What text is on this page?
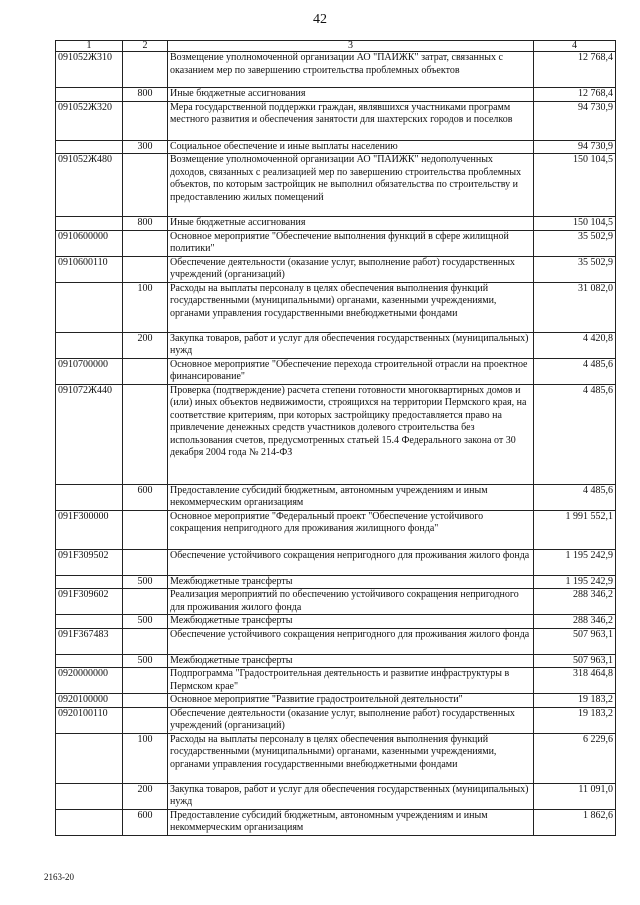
42
1	2	3	4
091052Ж310		Возмещение уполномоченной организации АО "ПАИЖК" затрат, связанных с оказанием мер по завершению строительства проблемных объектов	12 768,4
	800	Иные бюджетные ассигнования	12 768,4
091052Ж320		Мера государственной поддержки граждан, являвшихся участниками программ местного развития и обеспечения занятости для шахтерских городов и поселков	94 730,9
	300	Социальное обеспечение и иные выплаты населению	94 730,9
091052Ж480		Возмещение уполномоченной организации АО "ПАИЖК" недополученных доходов, связанных с реализацией мер по завершению строительства проблемных объектов, по которым застройщик не выполнил обязательства по строительству и предоставлению жилых помещений	150 104,5
	800	Иные бюджетные ассигнования	150 104,5
0910600000		Основное мероприятие "Обеспечение выполнения функций в сфере жилищной политики"	35 502,9
0910600110		Обеспечение деятельности (оказание услуг, выполнение работ) государственных учреждений (организаций)	35 502,9
	100	Расходы на выплаты персоналу в целях обеспечения выполнения функций государственными (муниципальными) органами, казенными учреждениями, органами управления государственными внебюджетными фондами	31 082,0
	200	Закупка товаров, работ и услуг для обеспечения государственных (муниципальных) нужд	4 420,8
0910700000		Основное мероприятие "Обеспечение перехода строительной отрасли на проектное финансирование"	4 485,6
091072Ж440		Проверка (подтверждение) расчета степени готовности многоквартирных домов и (или) иных объектов недвижимости, строящихся на территории Пермского края, на соответствие критериям, при которых застройщику предоставляется право на привлечение денежных средств участников долевого строительства без использования счетов, предусмотренных статьей 15.4 Федерального закона от 30 декабря 2004 года № 214-ФЗ	4 485,6
	600	Предоставление субсидий бюджетным, автономным учреждениям и иным некоммерческим организациям	4 485,6
091F300000		Основное мероприятие "Федеральный проект "Обеспечение устойчивого сокращения непригодного для проживания жилищного фонда"	1 991 552,1
091F309502		Обеспечение устойчивого сокращения непригодного для проживания жилого фонда	1 195 242,9
	500	Межбюджетные трансферты	1 195 242,9
091F309602		Реализация мероприятий по обеспечению устойчивого сокращения непригодного для проживания жилого фонда	288 346,2
	500	Межбюджетные трансферты	288 346,2
091F367483		Обеспечение устойчивого сокращения непригодного для проживания жилого фонда	507 963,1
	500	Межбюджетные трансферты	507 963,1
0920000000		Подпрограмма "Градостроительная деятельность и развитие инфраструктуры в Пермском крае"	318 464,8
0920100000		Основное мероприятие "Развитие градостроительной деятельности"	19 183,2
0920100110		Обеспечение деятельности (оказание услуг, выполнение работ) государственных учреждений (организаций)	19 183,2
	100	Расходы на выплаты персоналу в целях обеспечения выполнения функций государственными (муниципальными) органами, казенными учреждениями, органами управления государственными внебюджетными фондами	6 229,6
	200	Закупка товаров, работ и услуг для обеспечения государственных (муниципальных) нужд	11 091,0
	600	Предоставление субсидий бюджетным, автономным учреждениям и иным некоммерческим организациям	1 862,6
2163-20
